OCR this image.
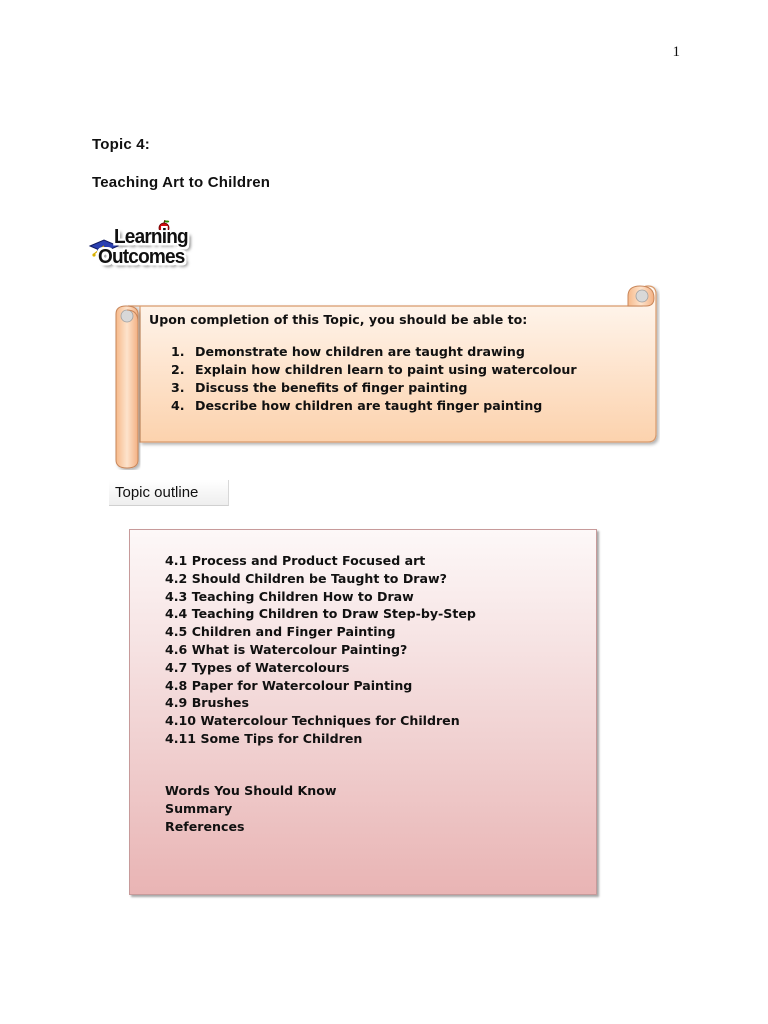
1
Topic 4:
Teaching Art to Children
Learning
Outcomes

Upon completion of this Topic, you should be able to:

1. Demonstrate how children are taught drawing
2. Explain how children learn to paint using watercolour
3. Discuss the benefits of finger painting
4. Describe how children are taught finger painting
Topic outline
4.1 Process and Product Focused art
4.2 Should Children be Taught to Draw?
4.3 Teaching Children How to Draw
4.4 Teaching Children to Draw Step-by-Step
4.5 Children and Finger Painting
4.6 What is Watercolour Painting?
4.7 Types of Watercolours
4.8 Paper for Watercolour Painting
4.9 Brushes
4.10 Watercolour Techniques for Children
4.11 Some Tips for Children
Words You Should Know
Summary
References
